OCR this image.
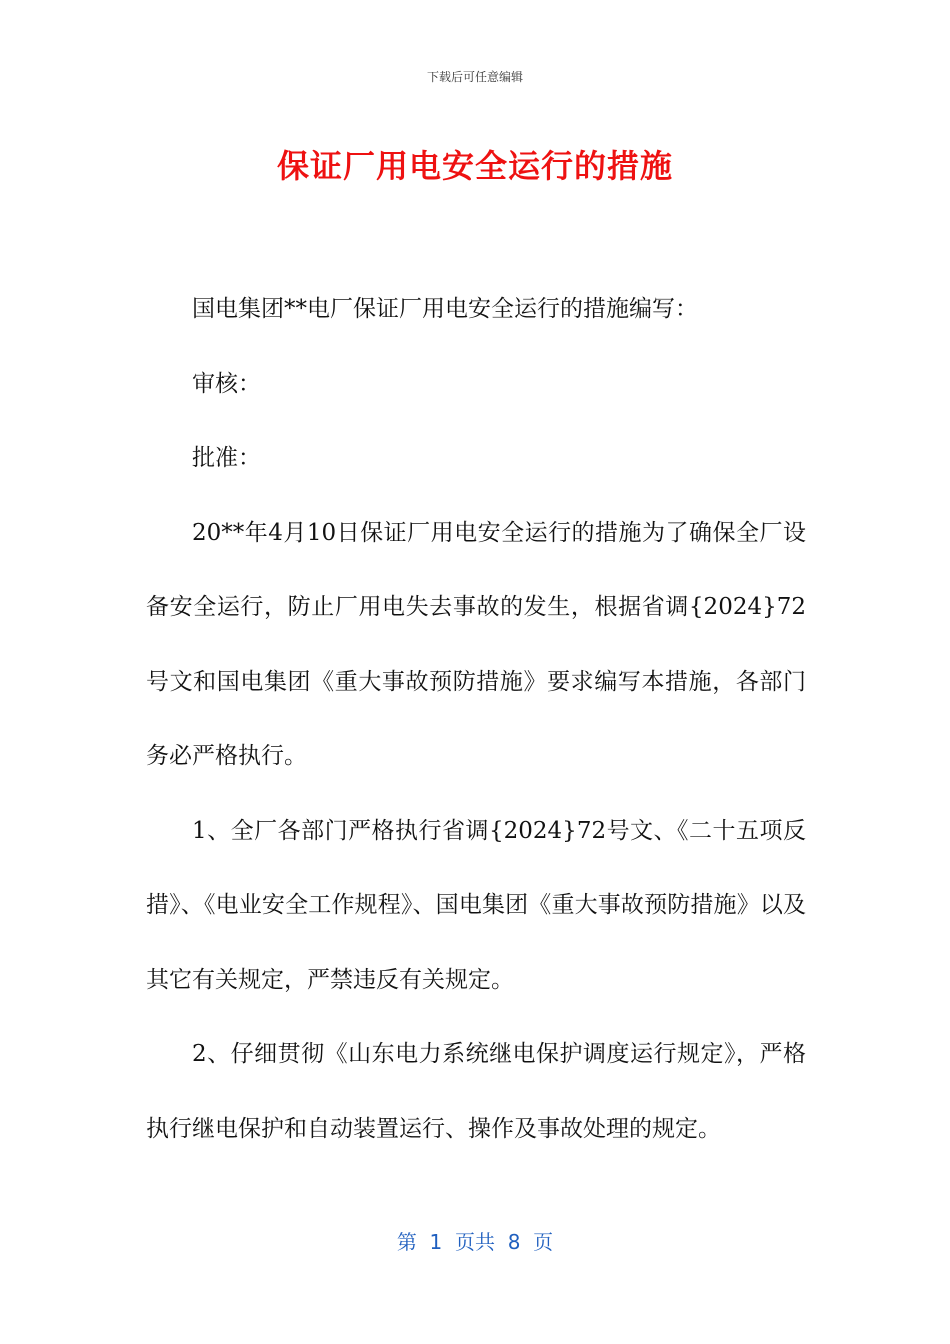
下载后可任意编辑
保证厂用电安全运行的措施

国电集团**电厂保证厂用电安全运行的措施编写：

审核：

批准：

20**年4月10日保证厂用电安全运行的措施为了确保全厂设备安全运行，防止厂用电失去事故的发生，根据省调{2024}72号文和国电集团《重大事故预防措施》要求编写本措施，各部门务必严格执行。

1、全厂各部门严格执行省调{2024}72号文、《二十五项反措》、《电业安全工作规程》、国电集团《重大事故预防措施》以及其它有关规定，严禁违反有关规定。

2、仔细贯彻《山东电力系统继电保护调度运行规定》，严格执行继电保护和自动装置运行、操作及事故处理的规定。

第  1  页共  8  页
